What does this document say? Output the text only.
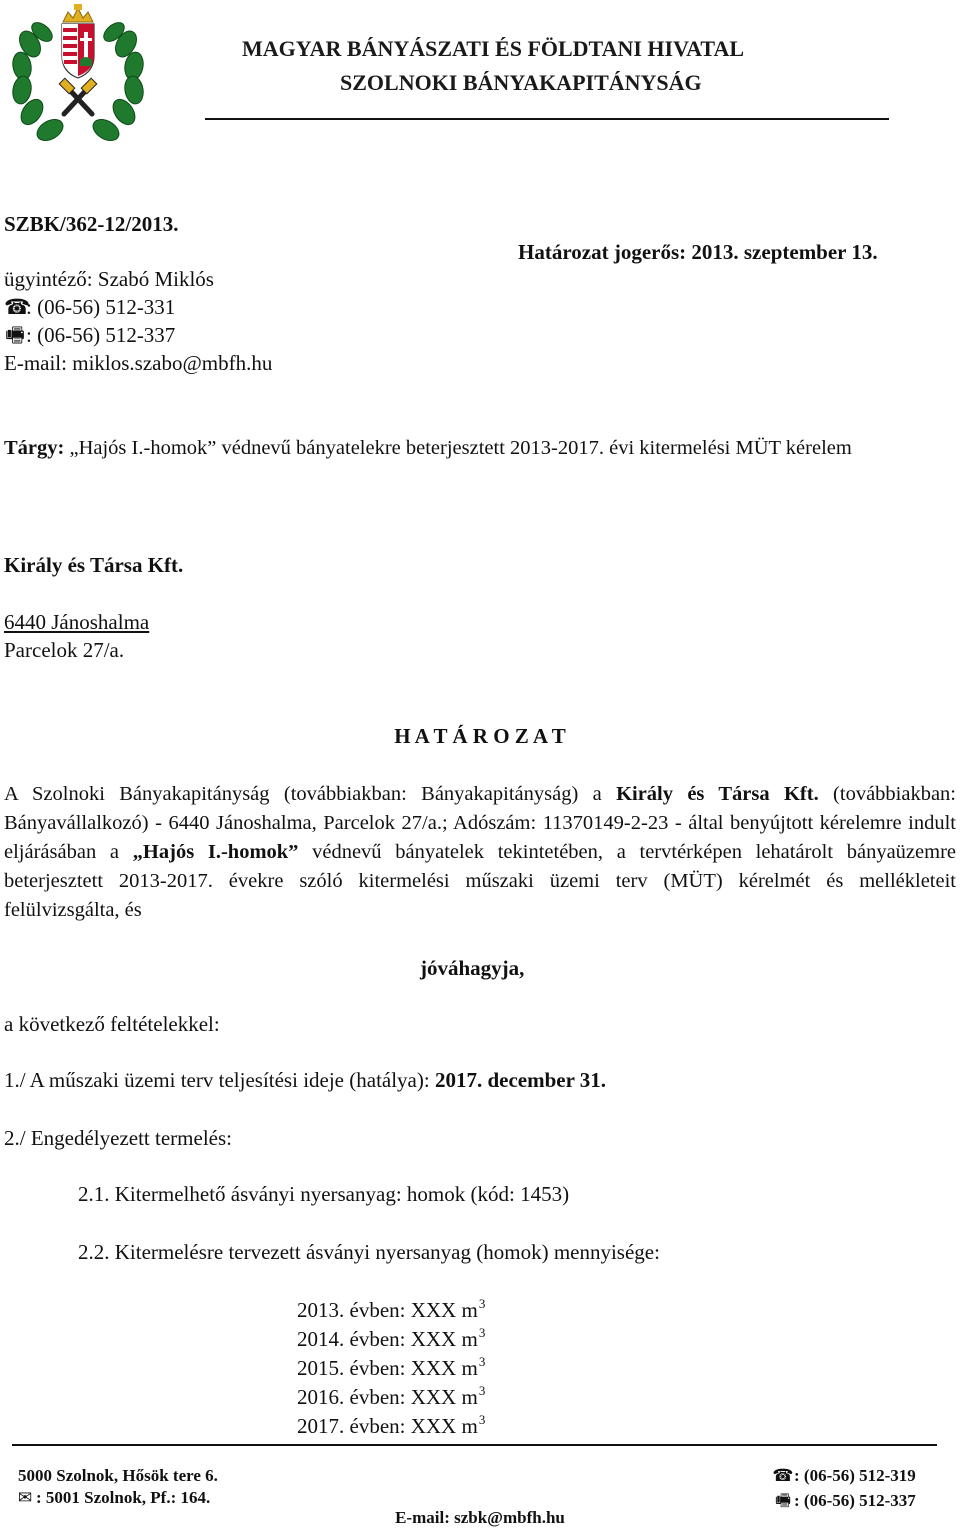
MAGYAR BÁNYÁSZATI ÉS FÖLDTANI HIVATAL
SZOLNOKI BÁNYAKAPITÁNYSÁG
SZBK/362-12/2013.
Határozat jogerős: 2013. szeptember 13.
ügyintéző: Szabó Miklós
☎: (06-56) 512-331
🖷: (06-56) 512-337
E-mail: miklos.szabo@mbfh.hu
Tárgy: „Hajós I.-homok” védnevű bányatelekre beterjesztett 2013-2017. évi kitermelési MÜT kérelem
Király és Társa Kft.
6440 Jánoshalma
Parcelok 27/a.
H A T Á R O Z A T
A Szolnoki Bányakapitányság (továbbiakban: Bányakapitányság) a Király és Társa Kft. (továbbiakban: Bányavállalkozó) - 6440 Jánoshalma, Parcelok 27/a.; Adószám: 11370149-2-23 - által benyújtott kérelemre indult eljárásában a „Hajós I.-homok” védnevű bányatelek tekintetében, a tervtérképen lehatárolt bányaüzemre beterjesztett 2013-2017. évekre szóló kitermelési műszaki üzemi terv (MÜT) kérelmét és mellékleteit felülvizsgálta, és
jóváhagyja,
a következő feltételekkel:
1./ A műszaki üzemi terv teljesítési ideje (hatálya): 2017. december 31.
2./ Engedélyezett termelés:
2.1. Kitermelhető ásványi nyersanyag: homok (kód: 1453)
2.2. Kitermelésre tervezett ásványi nyersanyag (homok) mennyisége:
2013. évben: XXX $m^3$
2014. évben: XXX $m^3$
2015. évben: XXX $m^3$
2016. évben: XXX $m^3$
2017. évben: XXX $m^3$
5000 Szolnok, Hősök tere 6.
✉ : 5001 Szolnok, Pf.: 164.
☎: (06-56) 512-319
🖷 : (06-56) 512-337
E-mail: szbk@mbfh.hu
